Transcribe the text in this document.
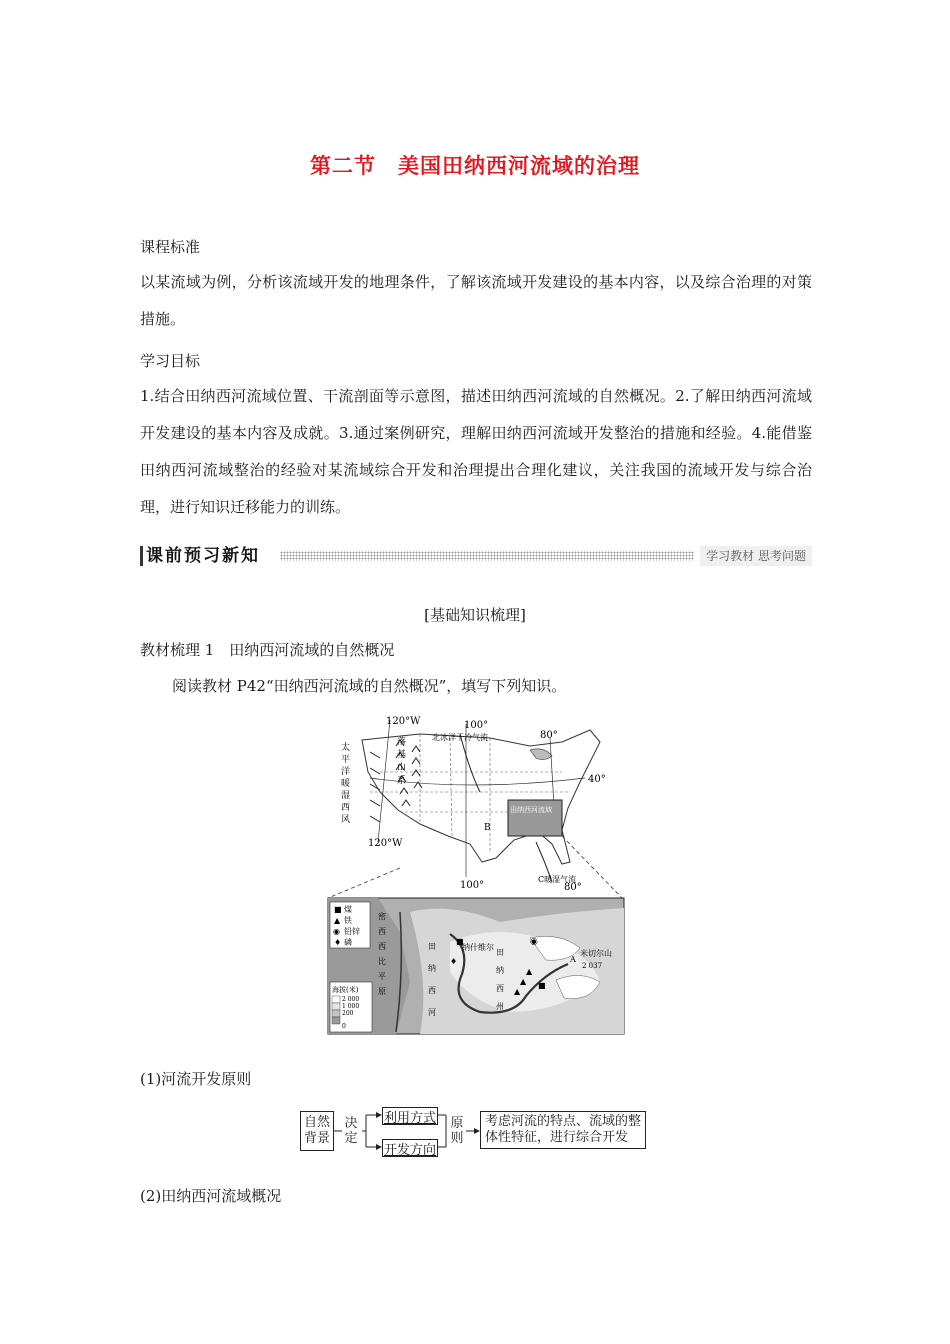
第二节　美国田纳西河流域的治理
课程标准
以某流域为例，分析该流域开发的地理条件，了解该流域开发建设的基本内容，以及综合治理的对策措施。
学习目标
1.结合田纳西河流域位置、干流剖面等示意图，描述田纳西河流域的自然概况。2.了解田纳西河流域开发建设的基本内容及成就。3.通过案例研究，理解田纳西河流域开发整治的措施和经验。4.能借鉴田纳西河流域整治的经验对某流域综合开发和治理提出合理化建议，关注我国的流域开发与综合治理，进行知识迁移能力的训练。
课前预习新知	学习教材 思考问题
[基础知识梳理]
教材梳理 1　田纳西河流域的自然概况
阅读教材 P42“田纳西河流域的自然概况”，填写下列知识。
120°W	100°
80°
40°
120°W
100°	80°
北冰洋干冷气流
田纳西河流域
C暖湿气流
B
太平洋暖湿西风	落基山系
■ 煤
▲ 铁
◉ 铅锌
♦ 磷
海拔(米)
2 000
1 000
200
0
密西西比平原	田纳西河	纳什维尔
田纳西州	A
米切尔山
2 037
■
♦
◉
■
▲
▲
▲
(1)河流开发原则
自然背景
决定
利用方式
开发方向
原则
考虑河流的特点、流域的整
体性特征，进行综合开发
(2)田纳西河流域概况
